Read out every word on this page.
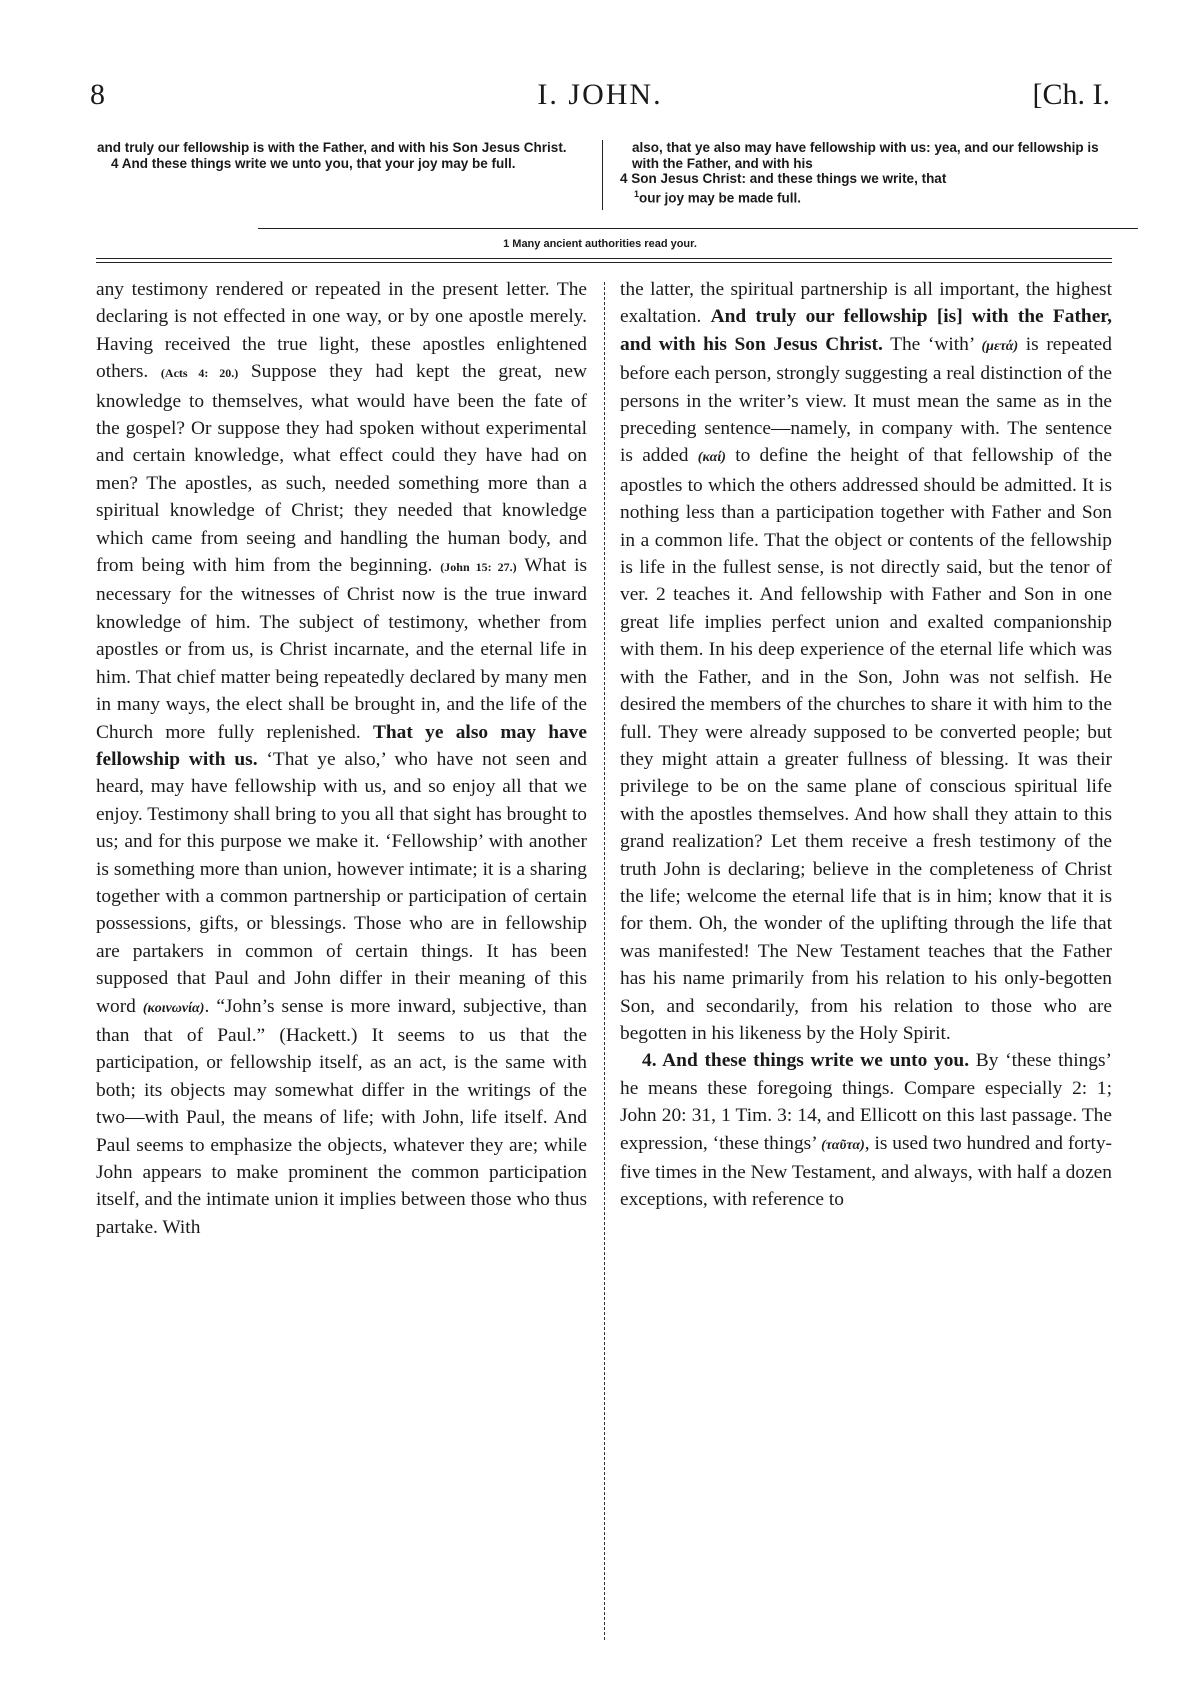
8	I. JOHN.	[Ch. I.
and truly our fellowship is with the Father, and with his Son Jesus Christ.
4 And these things write we unto you, that your joy may be full.
also, that ye also may have fellowship with us: yea, and our fellowship is with the Father, and with his
4 Son Jesus Christ: and these things we write, that
$^1$our joy may be made full.
1 Many ancient authorities read your.

any testimony rendered or repeated in the present letter. The declaring is not effected in one way, or by one apostle merely. Having received the true light, these apostles enlightened others. (Acts 4: 20.) Suppose they had kept the great, new knowledge to themselves, what would have been the fate of the gospel? Or suppose they had spoken without experimental and certain knowledge, what effect could they have had on men? The apostles, as such, needed something more than a spiritual knowledge of Christ; they needed that knowledge which came from seeing and handling the human body, and from being with him from the beginning. (John 15: 27.) What is necessary for the witnesses of Christ now is the true inward knowledge of him. The subject of testimony, whether from apostles or from us, is Christ incarnate, and the eternal life in him. That chief matter being repeatedly declared by many men in many ways, the elect shall be brought in, and the life of the Church more fully replenished. That ye also may have fellowship with us. ‘That ye also,’ who have not seen and heard, may have fellowship with us, and so enjoy all that we enjoy. Testimony shall bring to you all that sight has brought to us; and for this purpose we make it. ‘Fellowship’ with another is something more than union, however intimate; it is a sharing together with a common partnership or participation of certain possessions, gifts, or blessings. Those who are in fellowship are partakers in common of certain things. It has been supposed that Paul and John differ in their meaning of this word (κοινωνία). “John’s sense is more inward, subjective, than than that of Paul.” (Hackett.) It seems to us that the participation, or fellowship itself, as an act, is the same with both; its objects may somewhat differ in the writings of the two—with Paul, the means of life; with John, life itself. And Paul seems to emphasize the objects, whatever they are; while John appears to make prominent the common participation itself, and the intimate union it implies between those who thus partake. With

the latter, the spiritual partnership is all important, the highest exaltation. And truly our fellowship [is] with the Father, and with his Son Jesus Christ. The ‘with’ (μετά) is repeated before each person, strongly suggesting a real distinction of the persons in the writer’s view. It must mean the same as in the preceding sentence—namely, in company with. The sentence is added (καί) to define the height of that fellowship of the apostles to which the others addressed should be admitted. It is nothing less than a participation together with Father and Son in a common life. That the object or contents of the fellowship is life in the fullest sense, is not directly said, but the tenor of ver. 2 teaches it. And fellowship with Father and Son in one great life implies perfect union and exalted companionship with them. In his deep experience of the eternal life which was with the Father, and in the Son, John was not selfish. He desired the members of the churches to share it with him to the full. They were already supposed to be converted people; but they might attain a greater fullness of blessing. It was their privilege to be on the same plane of conscious spiritual life with the apostles themselves. And how shall they attain to this grand realization? Let them receive a fresh testimony of the truth John is declaring; believe in the completeness of Christ the life; welcome the eternal life that is in him; know that it is for them. Oh, the wonder of the uplifting through the life that was manifested! The New Testament teaches that the Father has his name primarily from his relation to his only-begotten Son, and secondarily, from his relation to those who are begotten in his likeness by the Holy Spirit.

4. And these things write we unto you. By ‘these things’ he means these foregoing things. Compare especially 2: 1; John 20: 31, 1 Tim. 3: 14, and Ellicott on this last passage. The expression, ‘these things’ (ταῦτα), is used two hundred and forty-five times in the New Testament, and always, with half a dozen exceptions, with reference to
